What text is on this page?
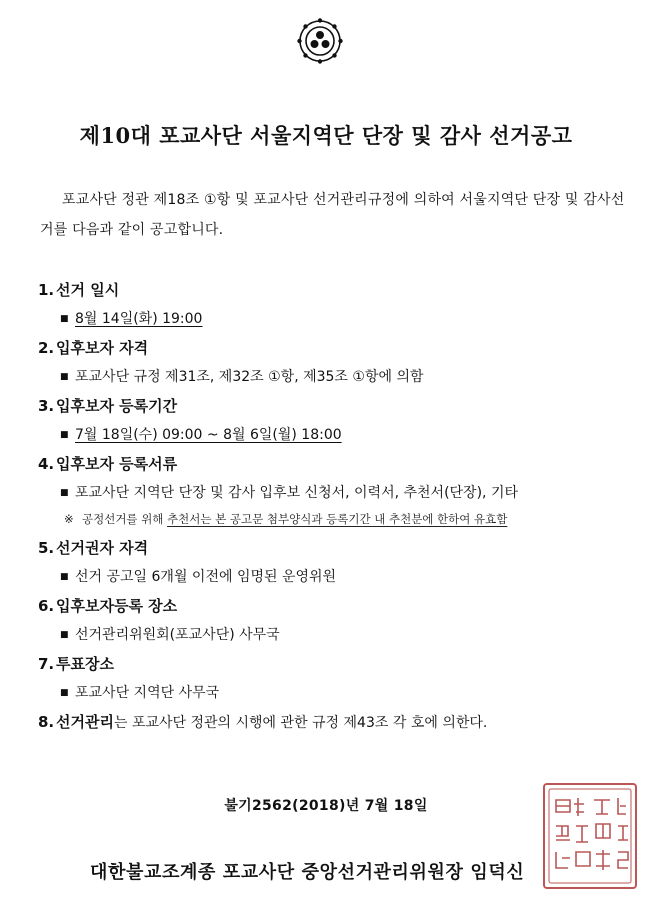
제10대 포교사단 서울지역단 단장 및 감사 선거공고
포교사단 정관 제18조 ①항 및 포교사단 선거관리규정에 의하여 서울지역단 단장 및 감사선거를 다음과 같이 공고합니다.
1. 선거 일시
■ 8월 14일(화) 19:00
2. 입후보자 자격
■ 포교사단 규정 제31조, 제32조 ①항, 제35조 ①항에 의함
3. 입후보자 등록기간
■ 7월 18일(수) 09:00 ~ 8월 6일(월) 18:00
4. 입후보자 등록서류
■ 포교사단 지역단 단장 및 감사 입후보 신청서, 이력서, 추천서(단장), 기타
※ 공정선거를 위해 추천서는 본 공고문 첨부양식과 등록기간 내 추천분에 한하여 유효함
5. 선거권자 자격
■ 선거 공고일 6개월 이전에 임명된 운영위원
6. 입후보자등록 장소
■ 선거관리위원회(포교사단) 사무국
7. 투표장소
■ 포교사단 지역단 사무국
8. 선거관리는 포교사단 정관의 시행에 관한 규정 제43조 각 호에 의한다.
불기2562(2018)년 7월 18일
대한불교조계종 포교사단 중앙선거관리위원장 임덕신
